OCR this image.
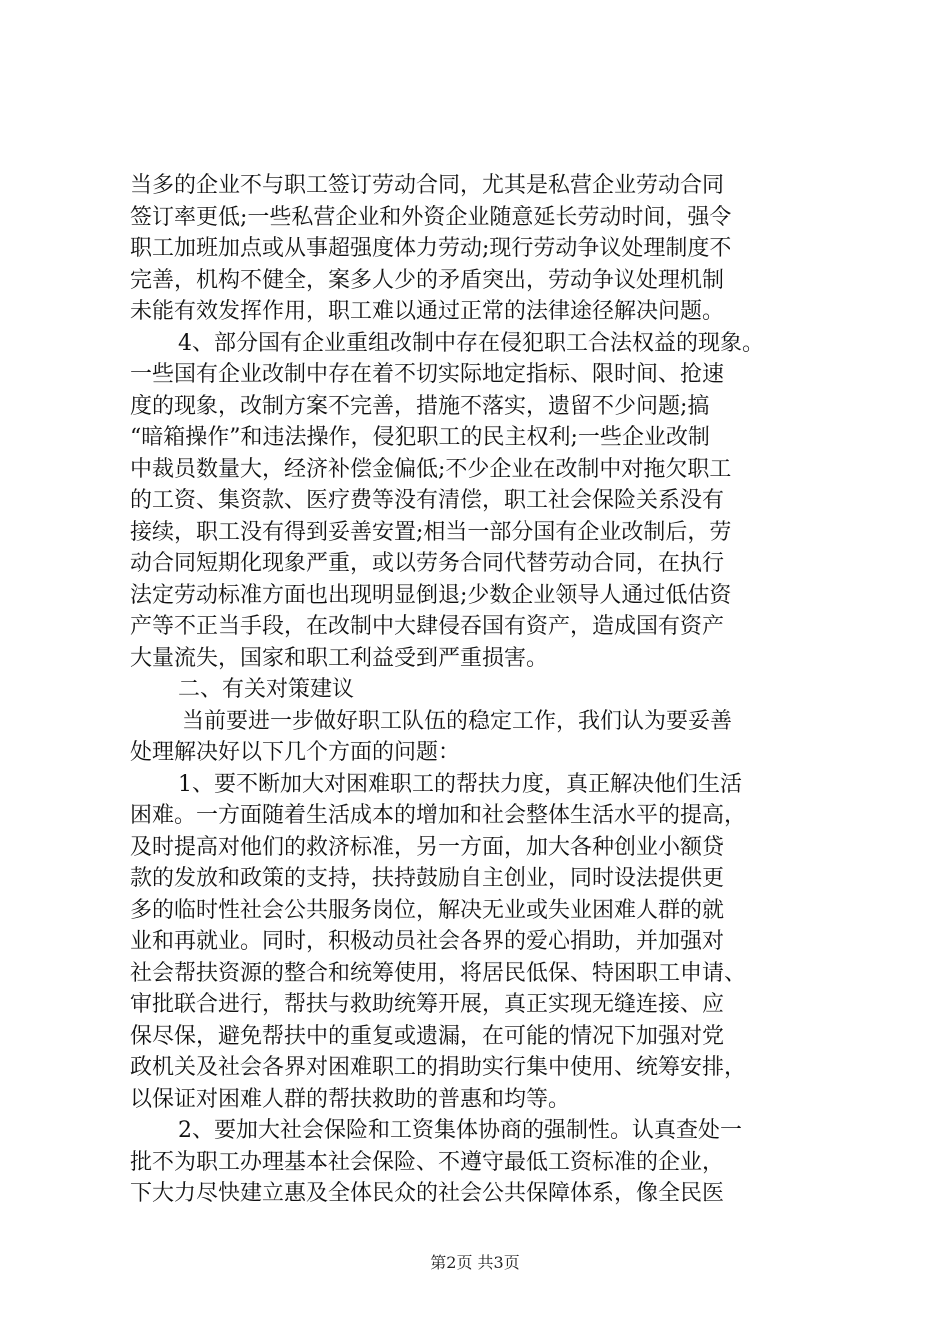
当多的企业不与职工签订劳动合同，尤其是私营企业劳动合同
签订率更低;一些私营企业和外资企业随意延长劳动时间，强令
职工加班加点或从事超强度体力劳动;现行劳动争议处理制度不
完善，机构不健全，案多人少的矛盾突出，劳动争议处理机制
未能有效发挥作用，职工难以通过正常的法律途径解决问题。
4、部分国有企业重组改制中存在侵犯职工合法权益的现象。
一些国有企业改制中存在着不切实际地定指标、限时间、抢速
度的现象，改制方案不完善，措施不落实，遗留不少问题;搞
“暗箱操作”和违法操作，侵犯职工的民主权利;一些企业改制
中裁员数量大，经济补偿金偏低;不少企业在改制中对拖欠职工
的工资、集资款、医疗费等没有清偿，职工社会保险关系没有
接续，职工没有得到妥善安置;相当一部分国有企业改制后，劳
动合同短期化现象严重，或以劳务合同代替劳动合同，在执行
法定劳动标准方面也出现明显倒退;少数企业领导人通过低估资
产等不正当手段，在改制中大肆侵吞国有资产，造成国有资产
大量流失，国家和职工利益受到严重损害。
二、有关对策建议
当前要进一步做好职工队伍的稳定工作，我们认为要妥善
处理解决好以下几个方面的问题：
1、要不断加大对困难职工的帮扶力度，真正解决他们生活
困难。一方面随着生活成本的增加和社会整体生活水平的提高，
及时提高对他们的救济标准，另一方面，加大各种创业小额贷
款的发放和政策的支持，扶持鼓励自主创业，同时设法提供更
多的临时性社会公共服务岗位，解决无业或失业困难人群的就
业和再就业。同时，积极动员社会各界的爱心捐助，并加强对
社会帮扶资源的整合和统筹使用，将居民低保、特困职工申请、
审批联合进行，帮扶与救助统筹开展，真正实现无缝连接、应
保尽保，避免帮扶中的重复或遗漏，在可能的情况下加强对党
政机关及社会各界对困难职工的捐助实行集中使用、统筹安排，
以保证对困难人群的帮扶救助的普惠和均等。
2、要加大社会保险和工资集体协商的强制性。认真查处一
批不为职工办理基本社会保险、不遵守最低工资标准的企业，
下大力尽快建立惠及全体民众的社会公共保障体系，像全民医
第2页 共3页
